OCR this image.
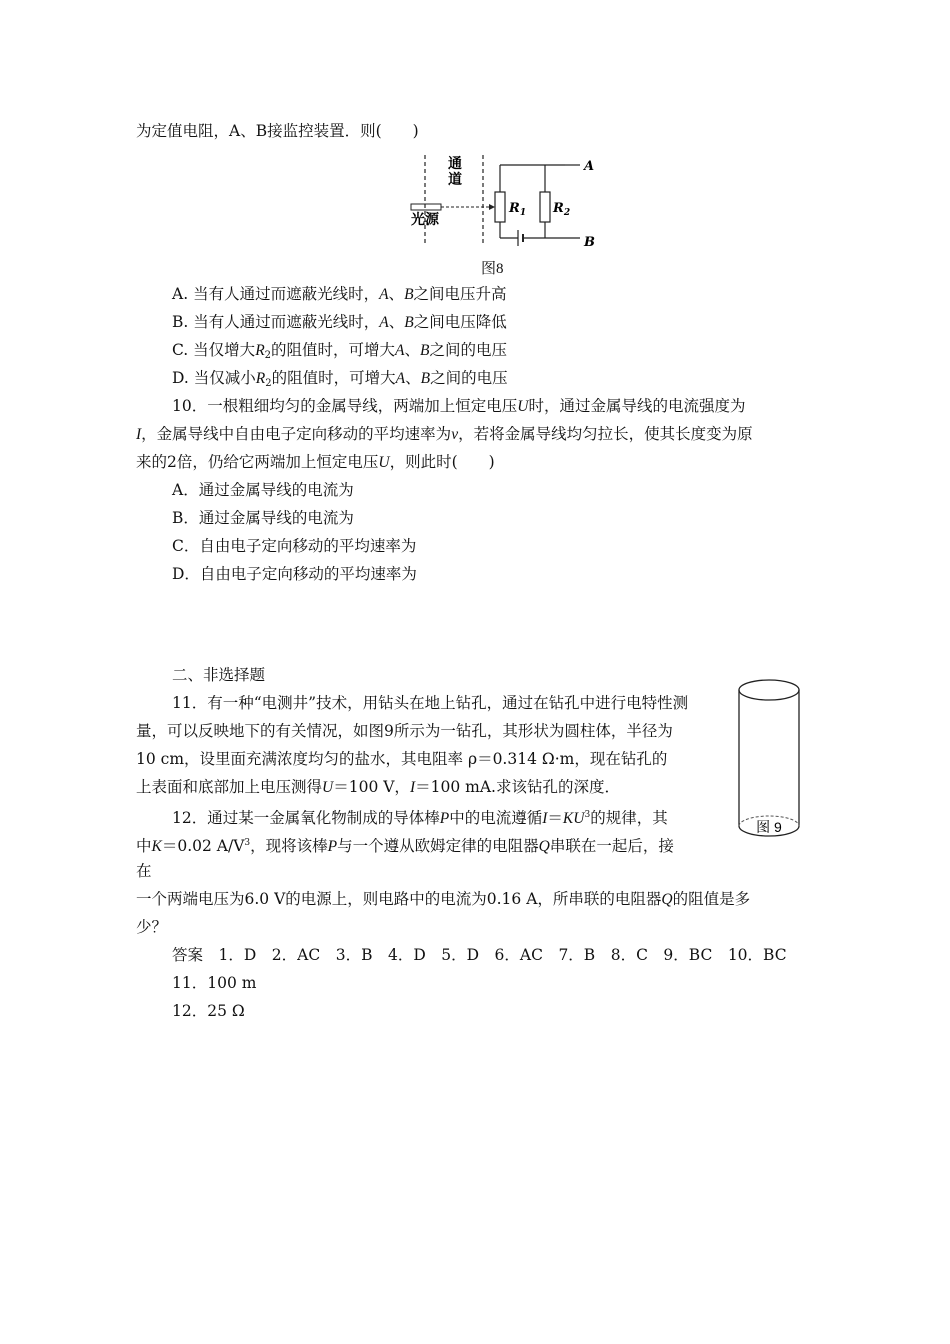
为定值电阻，A、B接监控装置．则(　　)
通
道
光源
$R_1$ $R_2$
A
B
图8
A. 当有人通过而遮蔽光线时，A、B之间电压升高
B. 当有人通过而遮蔽光线时，A、B之间电压降低
C. 当仅增大$R_2$的阻值时，可增大A、B之间的电压
D. 当仅减小$R_2$的阻值时，可增大A、B之间的电压
10．一根粗细均匀的金属导线，两端加上恒定电压U时，通过金属导线的电流强度为
I，金属导线中自由电子定向移动的平均速率为v，若将金属导线均匀拉长，使其长度变为原
来的2倍，仍给它两端加上恒定电压U，则此时(　　)
A．通过金属导线的电流为
B．通过金属导线的电流为
C．自由电子定向移动的平均速率为
D．自由电子定向移动的平均速率为
二、非选择题
11．有一种“电测井”技术，用钻头在地上钻孔，通过在钻孔中进行电特性测
量，可以反映地下的有关情况，如图9所示为一钻孔，其形状为圆柱体，半径为
10 cm，设里面充满浓度均匀的盐水，其电阻率 ρ＝0.314 Ω·m，现在钻孔的
上表面和底部加上电压测得U＝100 V，I＝100 mA.求该钻孔的深度．
图 9
12．通过某一金属氧化物制成的导体棒P中的电流遵循$I=KU^3$的规律，其
中K＝0.02 $A/V^3$，现将该棒P与一个遵从欧姆定律的电阻器Q串联在一起后，接
在
一个两端电压为6.0 V的电源上，则电路中的电流为0.16 A，所串联的电阻器Q的阻值是多
少？
答案　1．D　2．AC　3．B　4．D　5．D　6．AC　7．B　8．C　9．BC　10．BC
11．100 m
12．25 Ω
